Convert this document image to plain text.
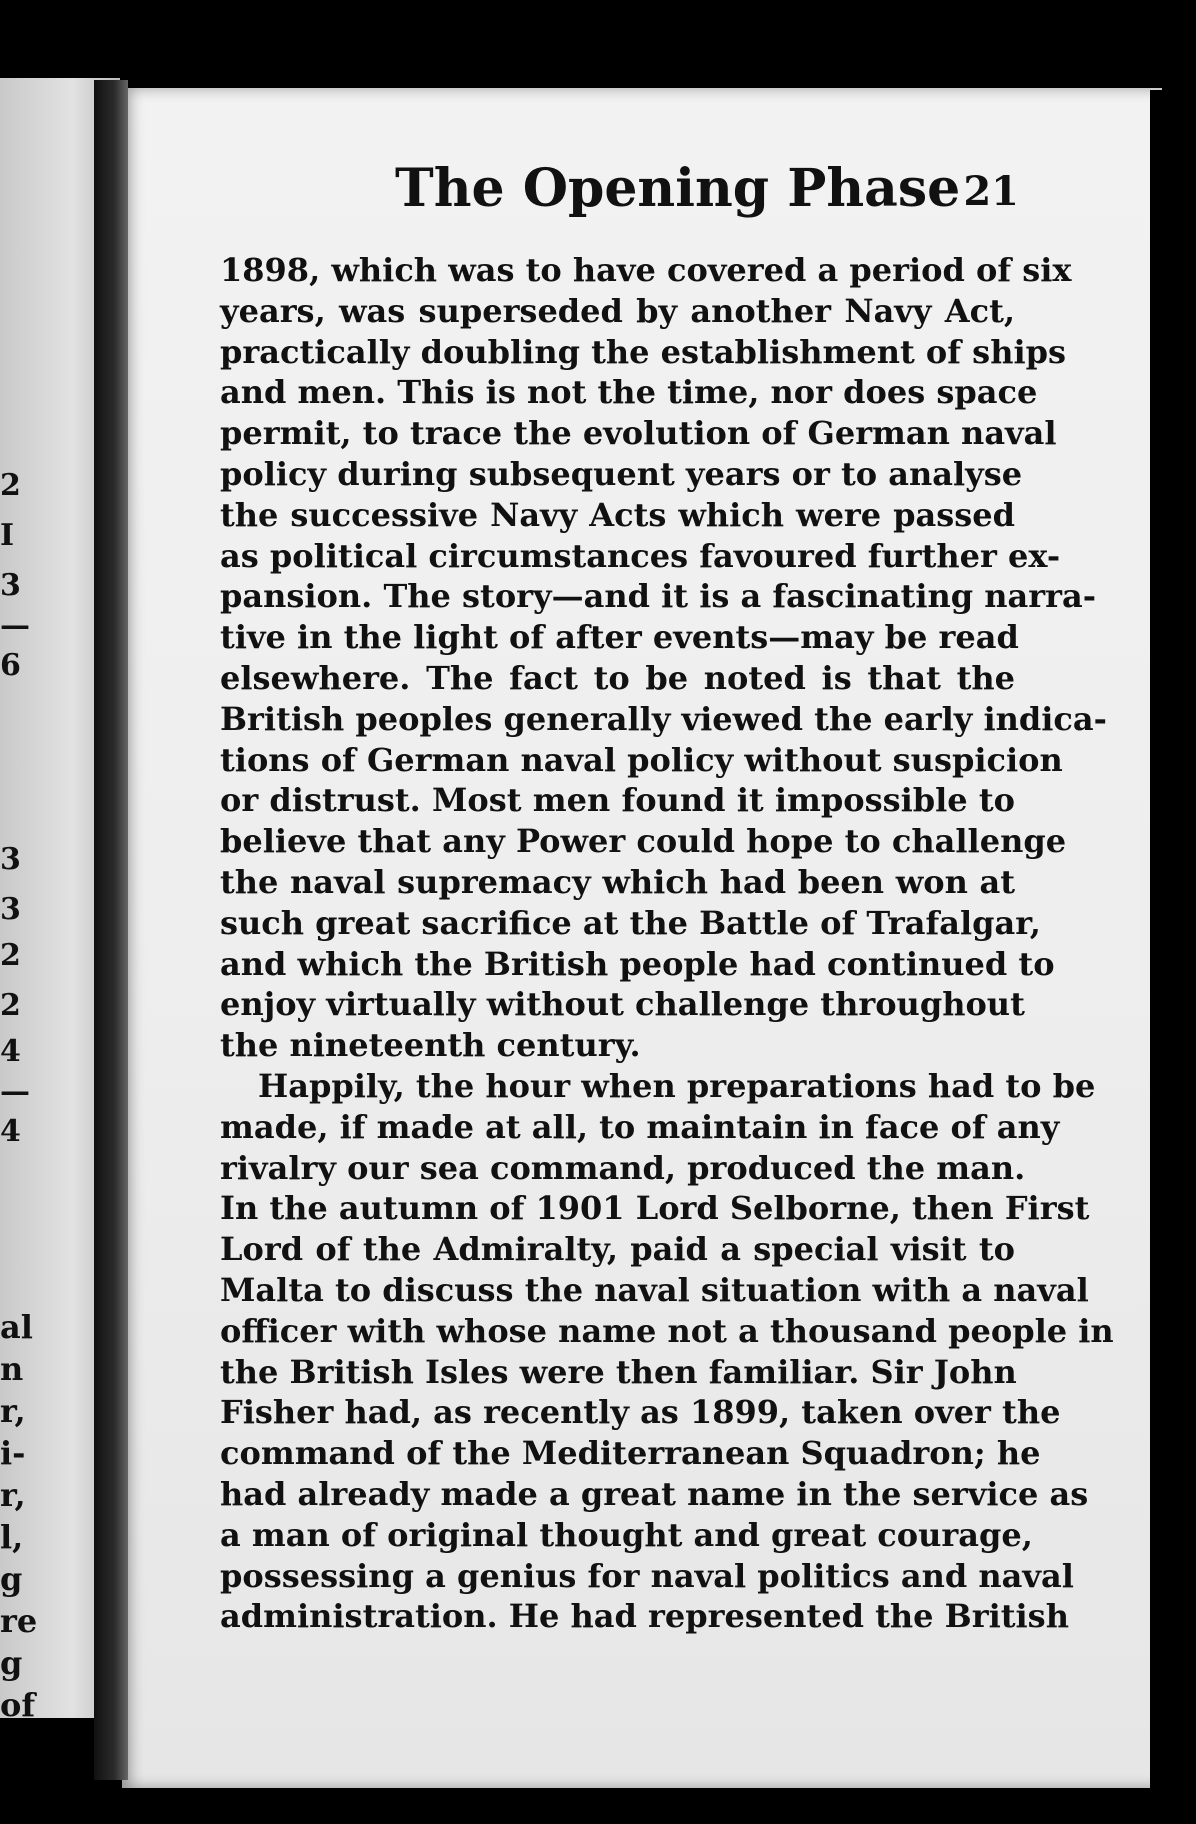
2
I
3
—
6
3
3
2
2
4
—
4
al
n
r,
i-
r,
l,
g
re
g
of
The Opening Phase 21
1898, which was to have covered a period of six
years, was superseded by another Navy Act,
practically doubling the establishment of ships
and men. This is not the time, nor does space
permit, to trace the evolution of German naval
policy during subsequent years or to analyse
the successive Navy Acts which were passed
as political circumstances favoured further ex-
pansion. The story—and it is a fascinating narra-
tive in the light of after events—may be read
elsewhere. The fact to be noted is that the
British peoples generally viewed the early indica-
tions of German naval policy without suspicion
or distrust. Most men found it impossible to
believe that any Power could hope to challenge
the naval supremacy which had been won at
such great sacrifice at the Battle of Trafalgar,
and which the British people had continued to
enjoy virtually without challenge throughout
the nineteenth century.
Happily, the hour when preparations had to be
made, if made at all, to maintain in face of any
rivalry our sea command, produced the man.
In the autumn of 1901 Lord Selborne, then First
Lord of the Admiralty, paid a special visit to
Malta to discuss the naval situation with a naval
officer with whose name not a thousand people in
the British Isles were then familiar. Sir John
Fisher had, as recently as 1899, taken over the
command of the Mediterranean Squadron; he
had already made a great name in the service as
a man of original thought and great courage,
possessing a genius for naval politics and naval
administration. He had represented the British
